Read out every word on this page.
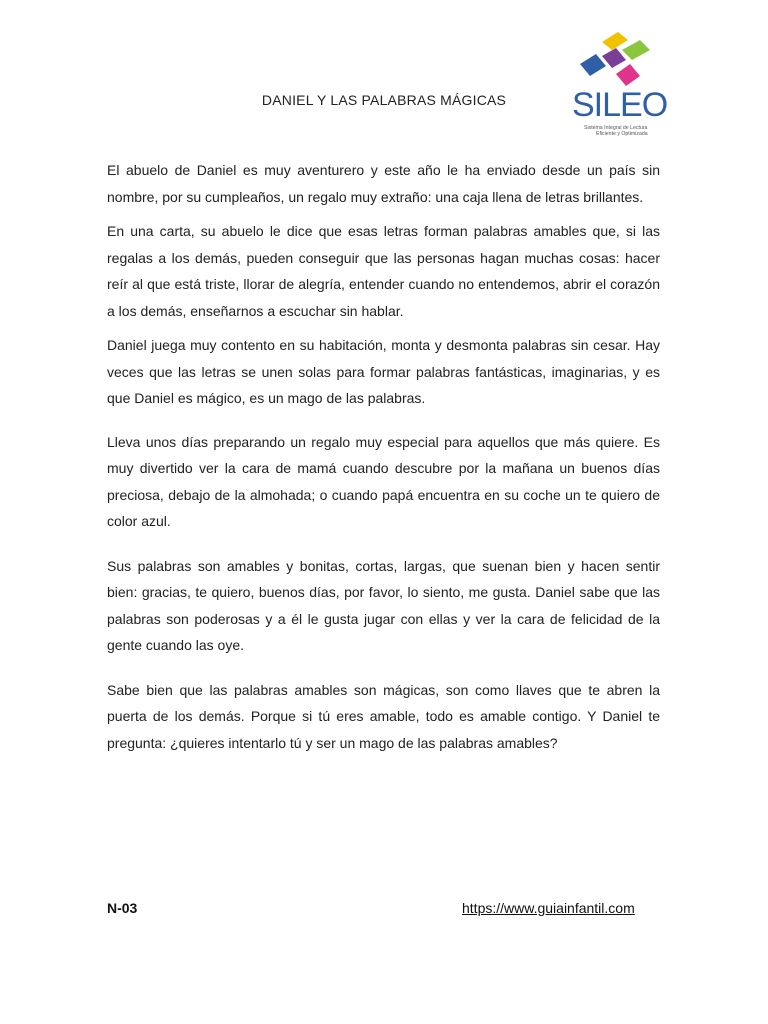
SILEO
Sistema Integral de Lectura
Eficiente y Optimizada
DANIEL Y LAS PALABRAS MÁGICAS

El abuelo de Daniel es muy aventurero y este año le ha enviado desde un país sin nombre, por su cumpleaños, un regalo muy extraño: una caja llena de letras brillantes.

En una carta, su abuelo le dice que esas letras forman palabras amables que, si las regalas a los demás, pueden conseguir que las personas hagan muchas cosas: hacer reír al que está triste, llorar de alegría, entender cuando no entendemos, abrir el corazón a los demás, enseñarnos a escuchar sin hablar.

Daniel juega muy contento en su habitación, monta y desmonta palabras sin cesar. Hay veces que las letras se unen solas para formar palabras fantásticas, imaginarias, y es que Daniel es mágico, es un mago de las palabras.

Lleva unos días preparando un regalo muy especial para aquellos que más quiere. Es muy divertido ver la cara de mamá cuando descubre por la mañana un buenos días preciosa, debajo de la almohada; o cuando papá encuentra en su coche un te quiero de color azul.

Sus palabras son amables y bonitas, cortas, largas, que suenan bien y hacen sentir bien: gracias, te quiero, buenos días, por favor, lo siento, me gusta. Daniel sabe que las palabras son poderosas y a él le gusta jugar con ellas y ver la cara de felicidad de la gente cuando las oye.

Sabe bien que las palabras amables son mágicas, son como llaves que te abren la puerta de los demás. Porque si tú eres amable, todo es amable contigo. Y Daniel te pregunta: ¿quieres intentarlo tú y ser un mago de las palabras amables?

N-03	https://www.guiainfantil.com
